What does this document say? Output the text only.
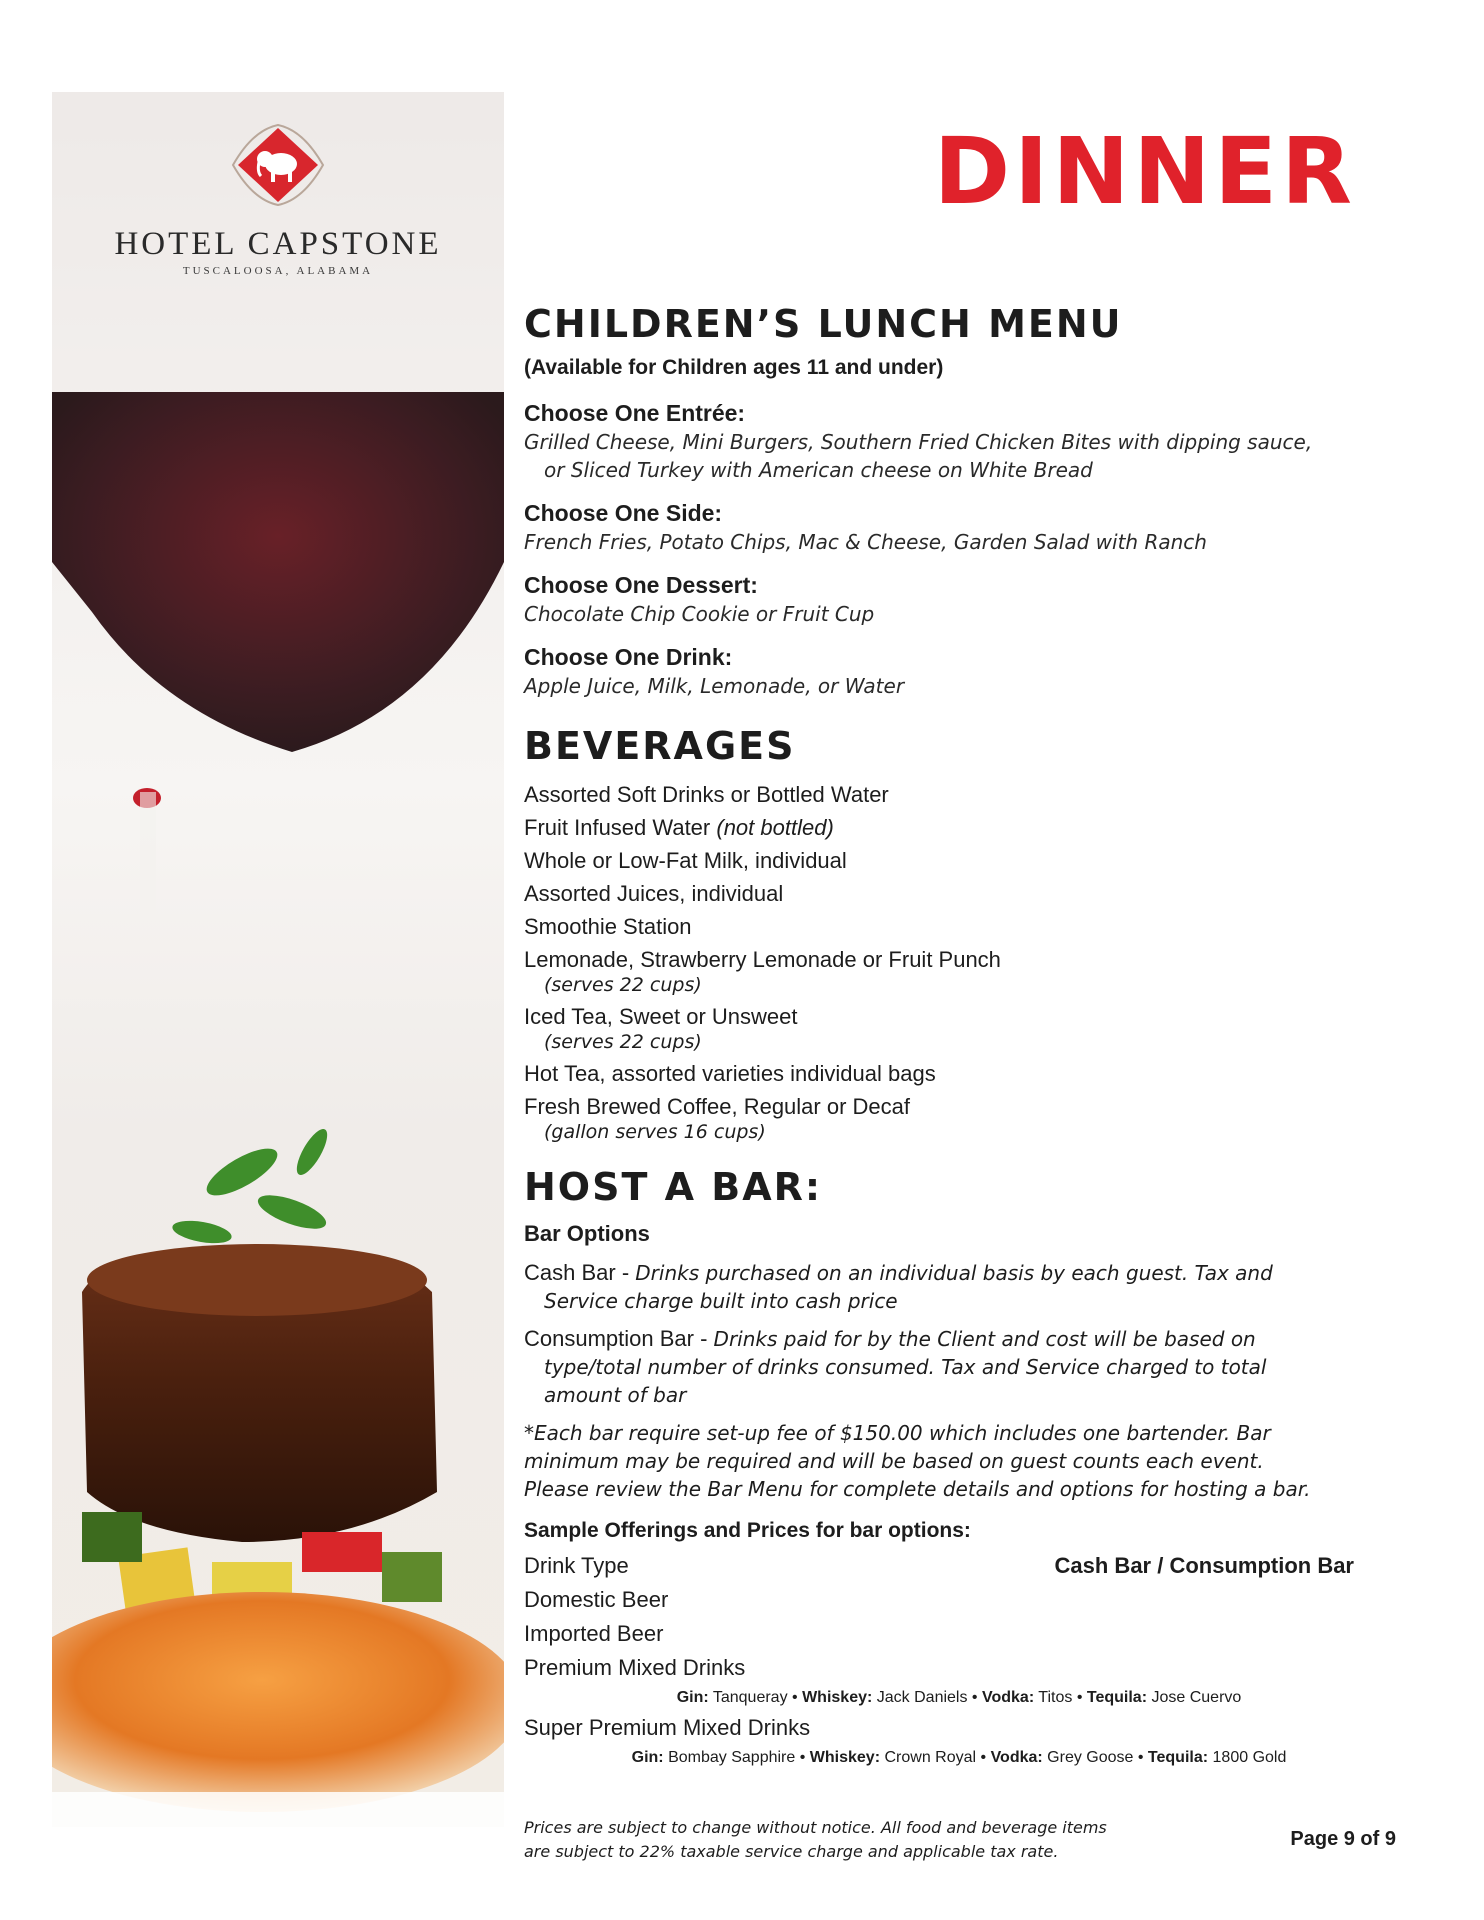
HOTEL CAPSTONE
TUSCALOOSA, ALABAMA
DINNER
CHILDREN’S LUNCH MENU
(Available for Children ages 11 and under)
Choose One Entrée:
Grilled Cheese, Mini Burgers, Southern Fried Chicken Bites with dipping sauce,
or Sliced Turkey with American cheese on White Bread
Choose One Side:
French Fries, Potato Chips, Mac & Cheese, Garden Salad with Ranch
Choose One Dessert:
Chocolate Chip Cookie or Fruit Cup
Choose One Drink:
Apple Juice, Milk, Lemonade, or Water
BEVERAGES
Assorted Soft Drinks or Bottled Water
Fruit Infused Water (not bottled)
Whole or Low-Fat Milk, individual
Assorted Juices, individual
Smoothie Station
Lemonade, Strawberry Lemonade or Fruit Punch
(serves 22 cups)
Iced Tea, Sweet or Unsweet
(serves 22 cups)
Hot Tea, assorted varieties individual bags
Fresh Brewed Coffee, Regular or Decaf
(gallon serves 16 cups)
HOST A BAR:
Bar Options
Cash Bar - Drinks purchased on an individual basis by each guest. Tax and
Service charge built into cash price
Consumption Bar - Drinks paid for by the Client and cost will be based on
type/total number of drinks consumed. Tax and Service charged to total
amount of bar
*Each bar require set-up fee of $150.00 which includes one bartender. Bar
minimum may be required and will be based on guest counts each event.
Please review the Bar Menu for complete details and options for hosting a bar.
Sample Offerings and Prices for bar options:
Drink Type	Cash Bar / Consumption Bar
Domestic Beer
Imported Beer
Premium Mixed Drinks
Gin: Tanqueray • Whiskey: Jack Daniels • Vodka: Titos • Tequila: Jose Cuervo
Super Premium Mixed Drinks
Gin: Bombay Sapphire • Whiskey: Crown Royal • Vodka: Grey Goose • Tequila: 1800 Gold
Prices are subject to change without notice. All food and beverage items
are subject to 22% taxable service charge and applicable tax rate.
Page 9 of 9
